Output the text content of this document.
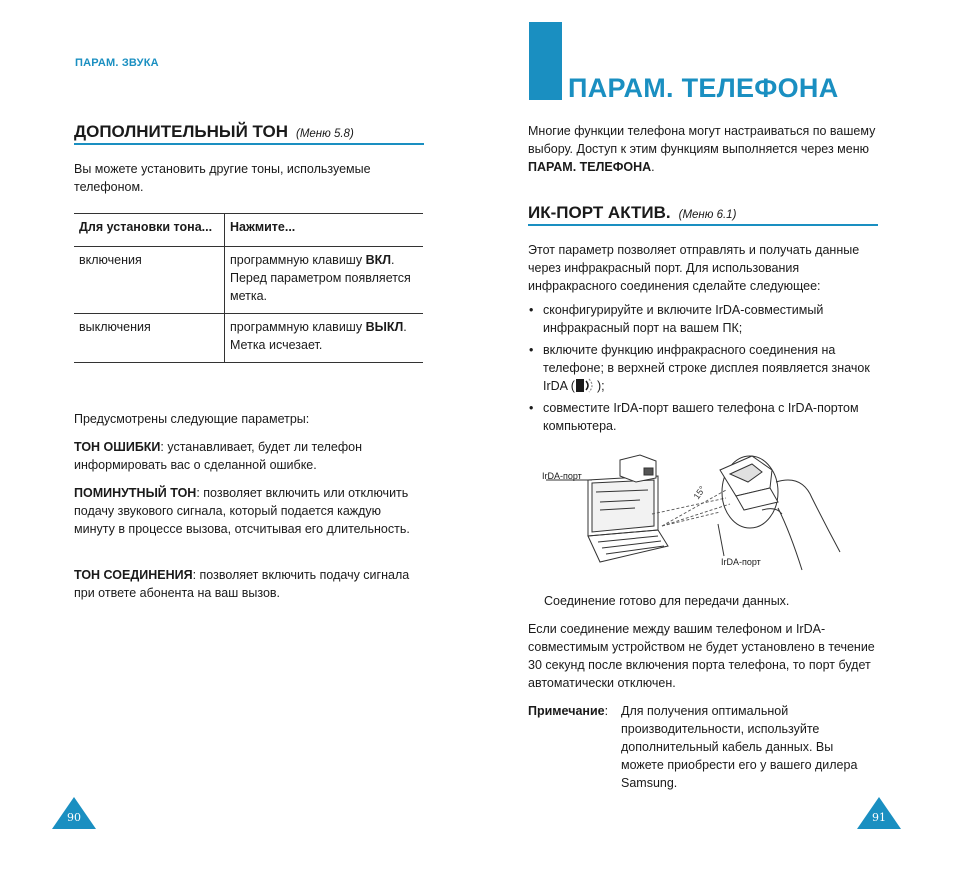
ПАРАМ. ЗВУКА
ДОПОЛНИТЕЛЬНЫЙ ТОН (Меню 5.8)
Вы можете установить другие тоны, используемые телефоном.
Для установки тона...	Нажмите...
включения	программную клавишу ВКЛ. Перед параметром появляется метка.
выключения	программную клавишу ВЫКЛ. Метка исчезает.
Предусмотрены следующие параметры:
ТОН ОШИБКИ: устанавливает, будет ли телефон информировать вас о сделанной ошибке.
ПОМИНУТНЫЙ ТОН: позволяет включить или отключить подачу звукового сигнала, который подается каждую минуту в процессе вызова, отсчитывая его длительность.
ТОН СОЕДИНЕНИЯ: позволяет включить подачу сигнала при ответе абонента на ваш вызов.
90
ПАРАМ. ТЕЛЕФОНА
Многие функции телефона могут настраиваться по вашему выбору. Доступ к этим функциям выполняется через меню ПАРАМ. ТЕЛЕФОНА.
ИК-ПОРТ АКТИВ. (Меню 6.1)
Этот параметр позволяет отправлять и получать данные через инфракрасный порт. Для использования инфракрасного соединения сделайте следующее:
• сконфигурируйте и включите IrDA-совместимый инфракрасный порт на вашем ПК;
• включите функцию инфракрасного соединения на телефоне; в верхней строке дисплея появляется значок IrDA ( );
• совместите IrDA-порт вашего телефона с IrDA-портом компьютера.
15°
IrDA-порт
IrDA-порт
Соединение готово для передачи данных.
Если соединение между вашим телефоном и IrDA-совместимым устройством не будет установлено в течение 30 секунд после включения порта телефона, то порт будет автоматически отключен.
Примечание:	Для получения оптимальной производительности, используйте дополнительный кабель данных. Вы можете приобрести его у вашего дилера Samsung.
91
